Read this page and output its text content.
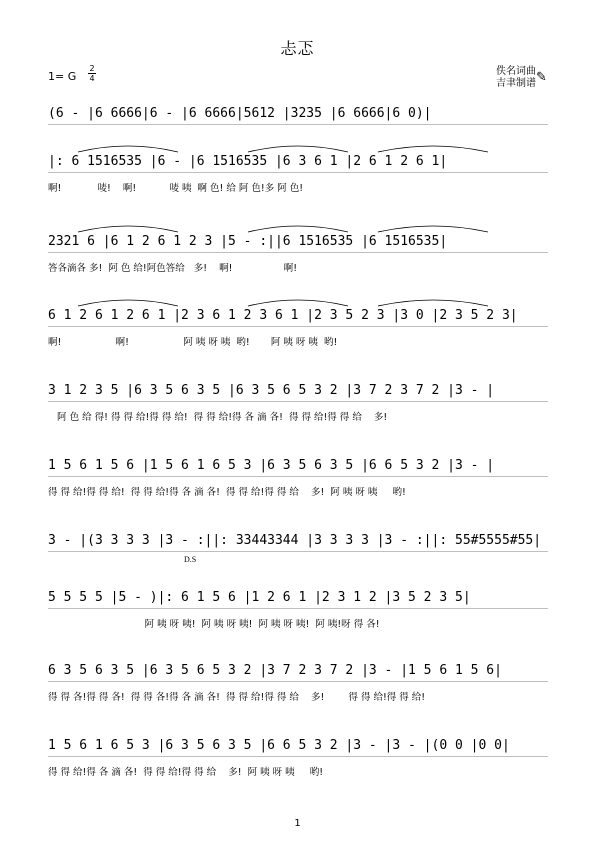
忐忑
1= G
2
4
佚名词曲
吉聿制谱 ✎
(6 - |6 6666|6 - |6 6666|5612 |3235 |6 6666|6 0)|
|: 6 1516535 |6 - |6 1516535 |6 3 6 1 |2 6 1 2 6 1|
啊!            唛!    啊!           唛 咦  啊 色! 给 阿 色!多 阿 色!
2321 6 |6 1 2 6 1 2 3 |5 - :||6 1516535 |6 1516535|
答各滴各 多!  阿 色 给!阿色答给   多!    啊!                 啊!
6 1 2 6 1 2 6 1 |2 3 6 1 2 3 6 1 |2 3 5 2 3 |3 0 |2 3 5 2 3|
啊!                  啊!                  阿 咦 呀 咦  哟!       阿 咦 呀 咦  哟!
3 1 2 3 5 |6 3 5 6 3 5 |6 3 5 6 5 3 2 |3 7 2 3 7 2 |3 - |
阿 色 给 得! 得 得 给!得 得 给!  得 得 给!得 各 滴 各!  得 得 给!得 得 给    多!
1 5 6 1 5 6 |1 5 6 1 6 5 3 |6 3 5 6 3 5 |6 6 5 3 2 |3 - |
得 得 给!得 得 给!  得 得 给!得 各 滴 各!  得 得 给!得 得 给    多!  阿 咦 呀 咦     哟!
3 - |(3 3 3 3 |3 - :||: 33443344 |3 3 3 3 |3 - :||: 55#5555#55|
D.S
5 5 5 5 |5 - )|: 6 1 5 6 |1 2 6 1 |2 3 1 2 |3 5 2 3 5|
阿 咦 呀 咦!  阿 咦 呀 咦!  阿 咦 呀 咦!  阿 咦!呀 得 各!
6 3 5 6 3 5 |6 3 5 6 5 3 2 |3 7 2 3 7 2 |3 - |1 5 6 1 5 6|
得 得 各!得 得 各!  得 得 各!得 各 滴 各!  得 得 给!得 得 给    多!        得 得 给!得 得 给!
1 5 6 1 6 5 3 |6 3 5 6 3 5 |6 6 5 3 2 |3 - |3 - |(0 0 |0 0|
得 得 给!得 各 滴 各!  得 得 给!得 得 给    多!  阿 咦 呀 咦     哟!
1
